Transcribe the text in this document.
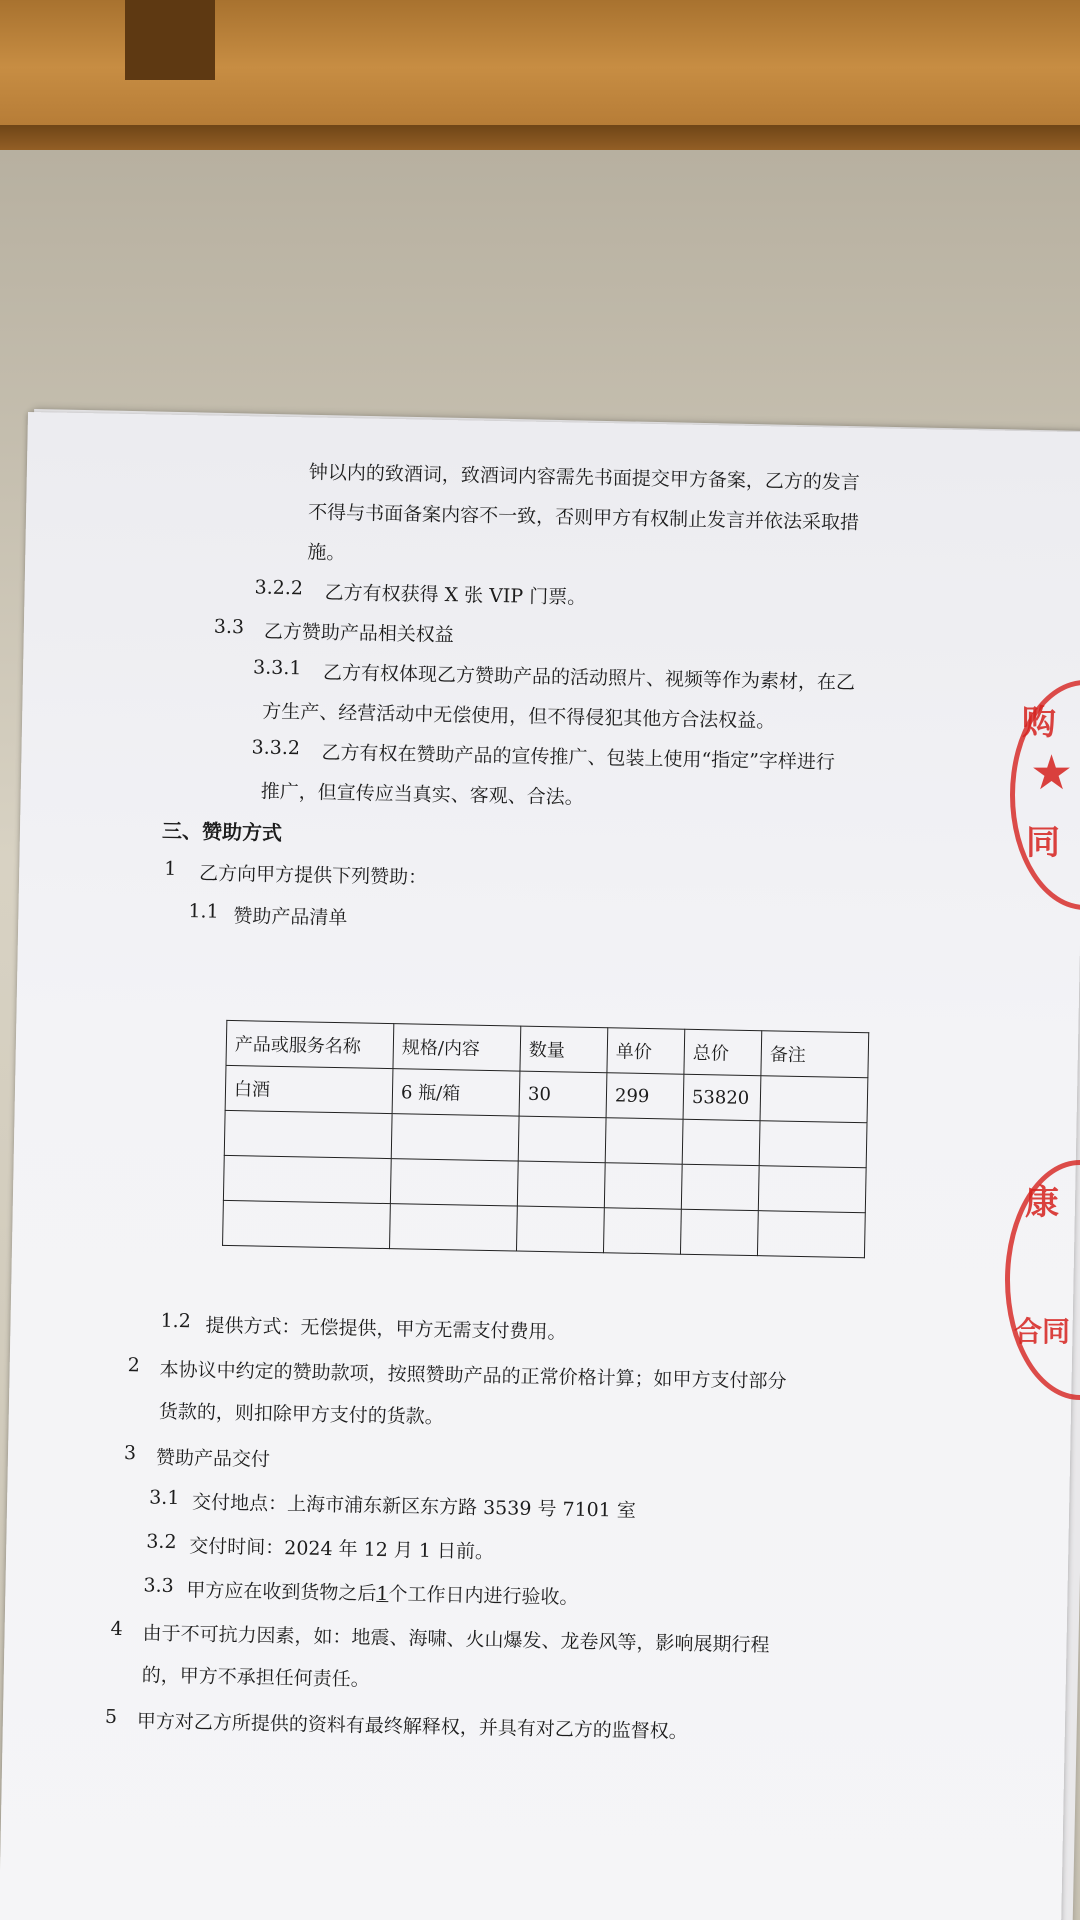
钟以内的致酒词，致酒词内容需先书面提交甲方备案，乙方的发言
不得与书面备案内容不一致，否则甲方有权制止发言并依法采取措
施。
3.2.2 乙方有权获得 X 张 VIP 门票。
3.3 乙方赞助产品相关权益
3.3.1 乙方有权体现乙方赞助产品的活动照片、视频等作为素材，在乙
方生产、经营活动中无偿使用，但不得侵犯其他方合法权益。
3.3.2 乙方有权在赞助产品的宣传推广、包装上使用“指定”字样进行
推广，但宣传应当真实、客观、合法。
三、赞助方式
1 乙方向甲方提供下列赞助：
1.1 赞助产品清单
产品或服务名称	规格/内容	数量	单价	总价	备注
白酒	6 瓶/箱	30	299	53820	

1.2 提供方式：无偿提供，甲方无需支付费用。
2 本协议中约定的赞助款项，按照赞助产品的正常价格计算；如甲方支付部分
货款的，则扣除甲方支付的货款。
3 赞助产品交付
3.1 交付地点：上海市浦东新区东方路 3539 号 7101 室
3.2 交付时间：2024 年 12 月 1 日前。
3.3 甲方应在收到货物之后1个工作日内进行验收。
4 由于不可抗力因素，如：地震、海啸、火山爆发、龙卷风等，影响展期行程
的，甲方不承担任何责任。
5 甲方对乙方所提供的资料有最终解释权，并具有对乙方的监督权。
购
★
同
康
合同
